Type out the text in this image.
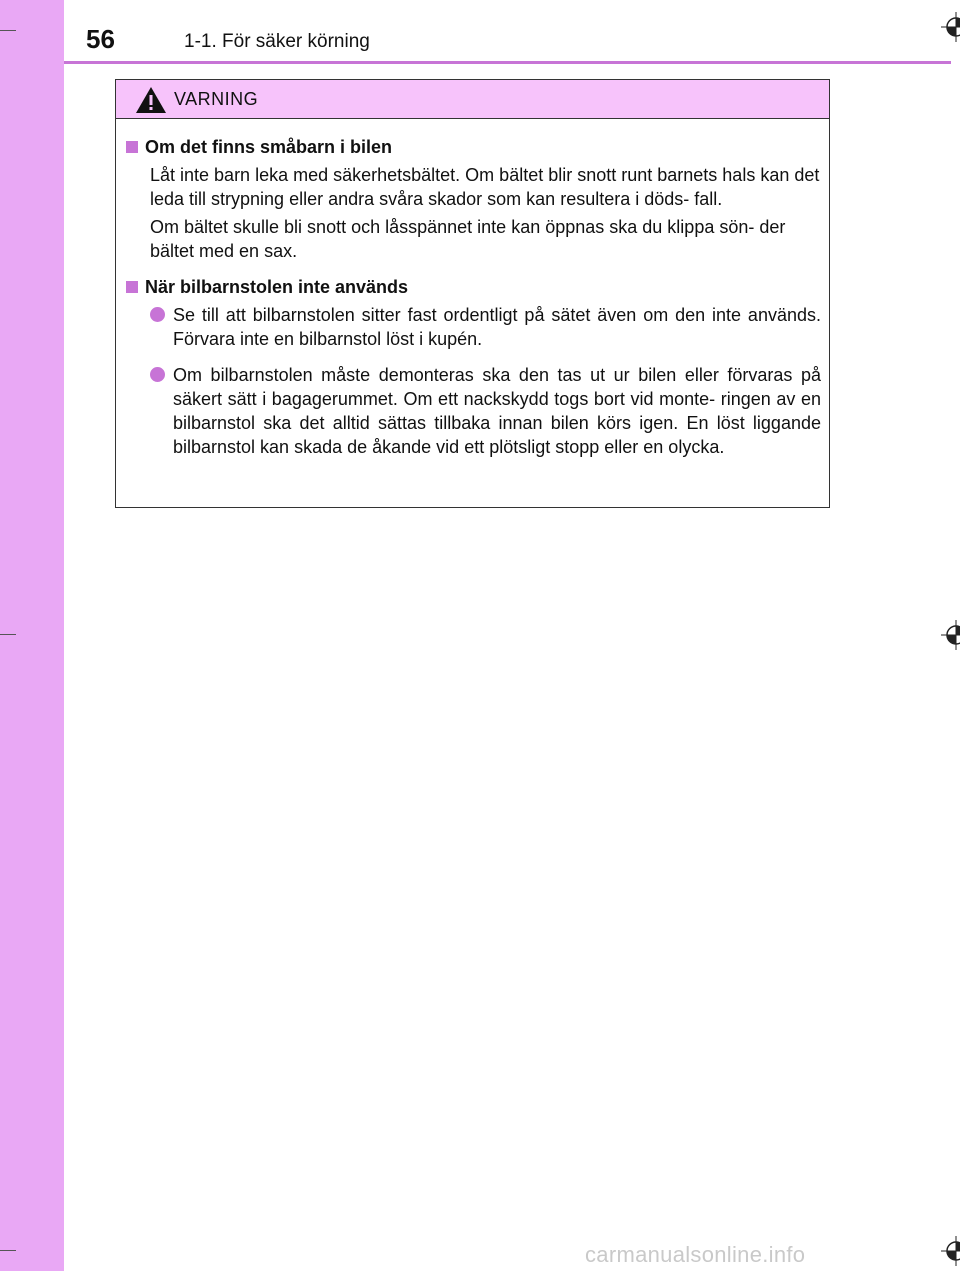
56	1-1. För säker körning
VARNING
Om det finns småbarn i bilen

Låt inte barn leka med säkerhetsbältet. Om bältet blir snott runt barnets hals kan det leda till strypning eller andra svåra skador som kan resultera i döds- fall.

Om bältet skulle bli snott och låsspännet inte kan öppnas ska du klippa sön- der bältet med en sax.

När bilbarnstolen inte används
Se till att bilbarnstolen sitter fast ordentligt på sätet även om den inte används. Förvara inte en bilbarnstol löst i kupén.
Om bilbarnstolen måste demonteras ska den tas ut ur bilen eller förvaras på säkert sätt i bagagerummet. Om ett nackskydd togs bort vid monte- ringen av en bilbarnstol ska det alltid sättas tillbaka innan bilen körs igen. En löst liggande bilbarnstol kan skada de åkande vid ett plötsligt stopp eller en olycka.
carmanualsonline.info
